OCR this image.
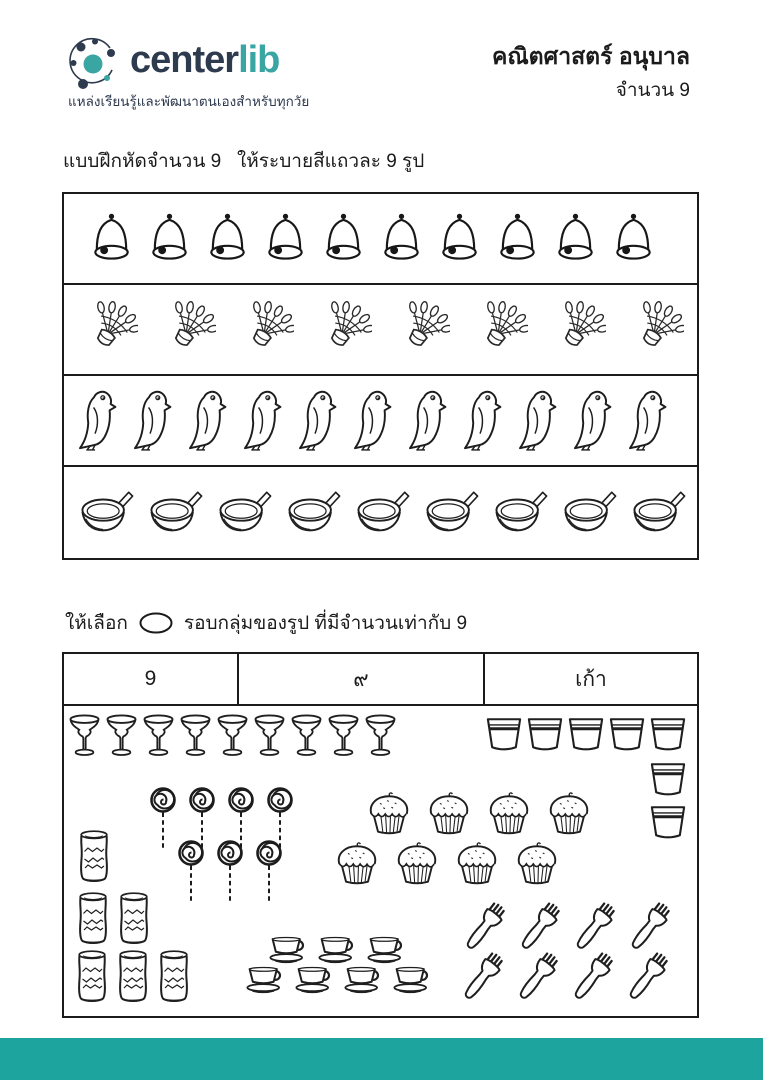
centerlib
แหล่งเรียนรู้และพัฒนาตนเองสำหรับทุกวัย
คณิตศาสตร์ อนุบาล
จำนวน 9
แบบฝึกหัดจำนวน 9   ให้ระบายสีแถวละ 9 รูป
ให้เลือก	รอบกลุ่มของรูป ที่มีจำนวนเท่ากับ 9
9	๙	เก้า
